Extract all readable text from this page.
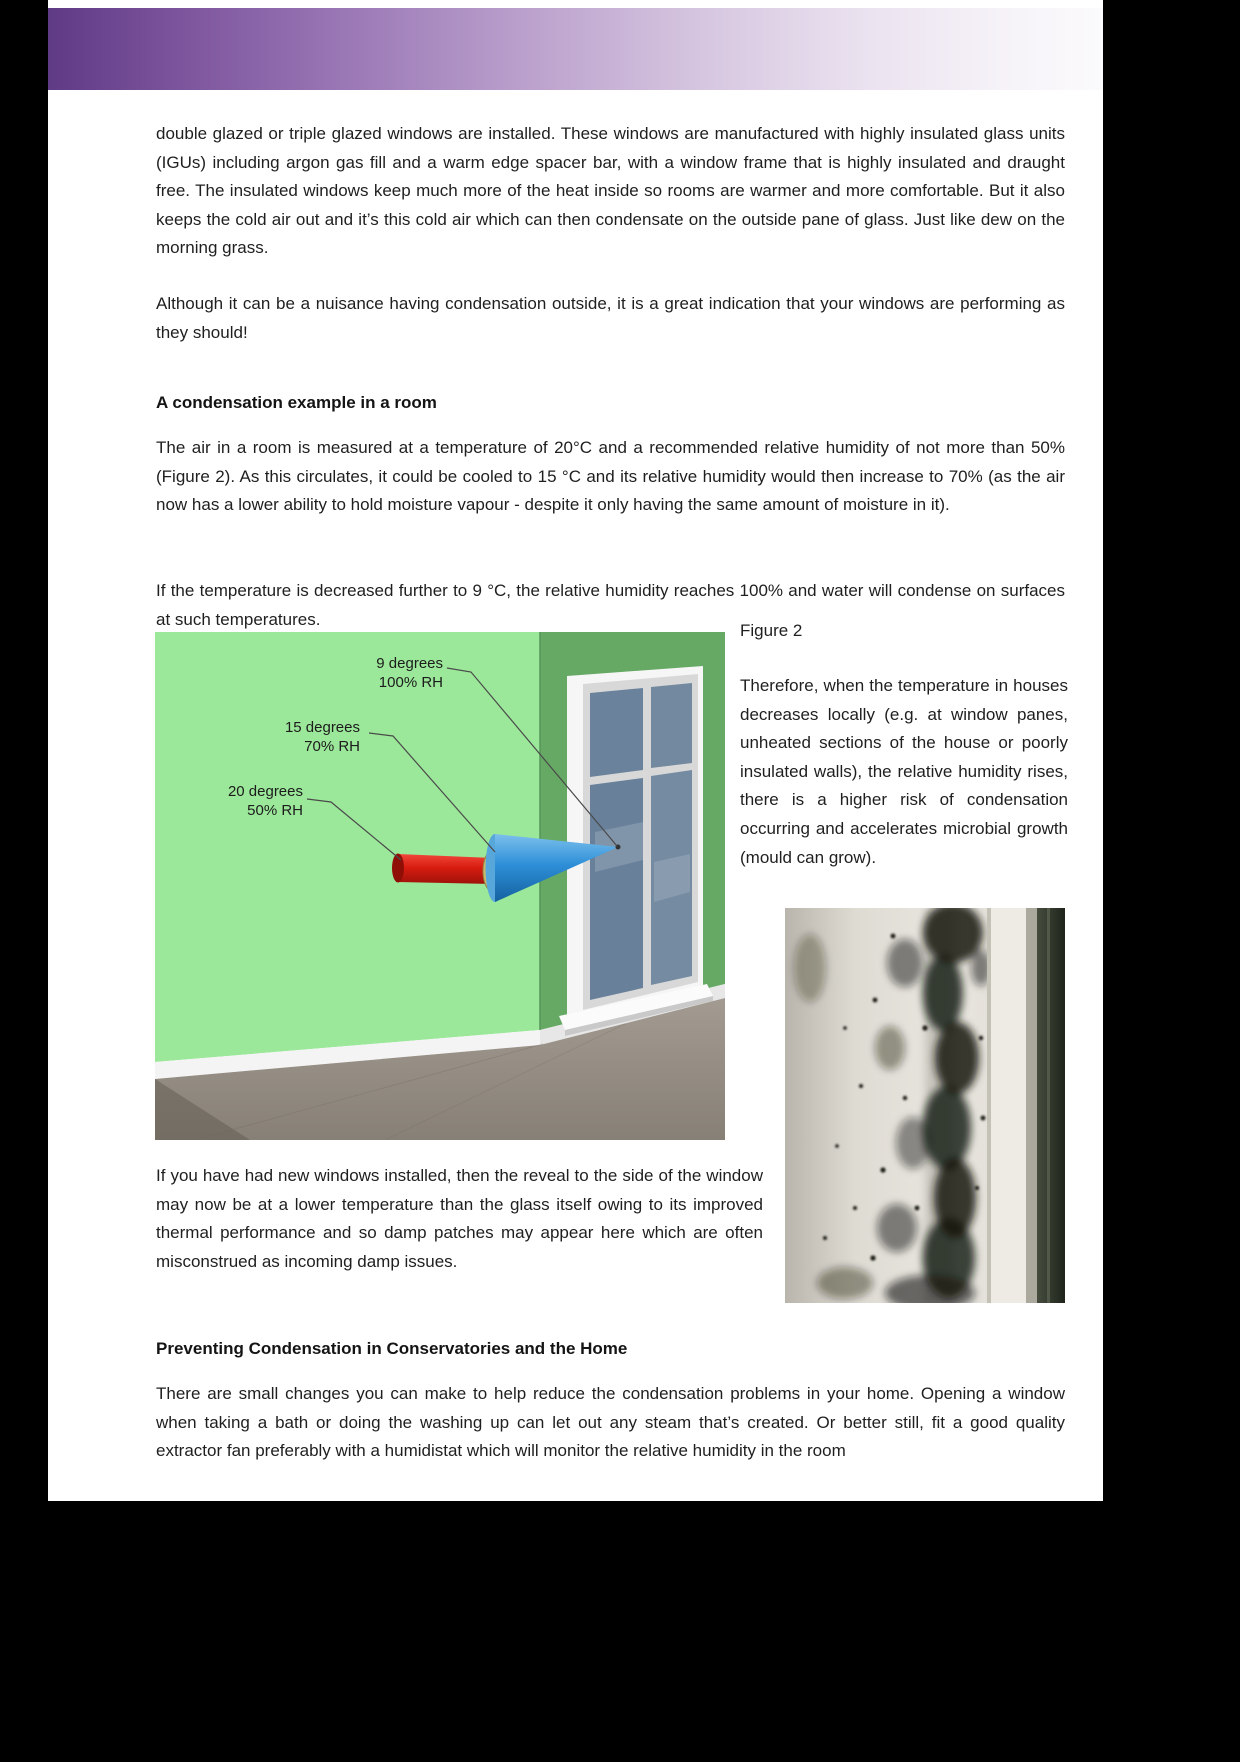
double glazed or triple glazed windows are installed. These windows are manufactured with highly insulated glass units (IGUs) including argon gas fill and a warm edge spacer bar, with a window frame that is highly insulated and draught free. The insulated windows keep much more of the heat inside so rooms are warmer and more comfortable. But it also keeps the cold air out and it’s this cold air which can then condensate on the outside pane of glass. Just like dew on the morning grass.

Although it can be a nuisance having condensation outside, it is a great indication that your windows are performing as they should!

A condensation example in a room

The air in a room is measured at a temperature of 20°C and a recommended relative humidity of not more than 50% (Figure 2). As this circulates, it could be cooled to 15 °C and its relative humidity would then increase to 70% (as the air now has a lower ability to hold moisture vapour - despite it only having the same amount of moisture in it).

If the temperature is decreased further to 9 °C, the relative humidity reaches 100% and water will condense on surfaces at such temperatures.

9 degrees
100% RH
15 degrees
70% RH
20 degrees
50% RH
Figure 2

Therefore, when the temperature in houses decreases locally (e.g. at window panes, unheated sections of the house or poorly insulated walls), the relative humidity rises, there is a higher risk of condensation occurring and accelerates microbial growth (mould can grow).

If you have had new windows installed, then the reveal to the side of the window may now be at a lower temperature than the glass itself owing to its improved thermal performance and so damp patches may appear here which are often misconstrued as incoming damp issues.

Preventing Condensation in Conservatories and the Home

There are small changes you can make to help reduce the condensation problems in your home. Opening a window when taking a bath or doing the washing up can let out any steam that’s created. Or better still, fit a good quality extractor fan preferably with a humidistat which will monitor the relative humidity in the room
